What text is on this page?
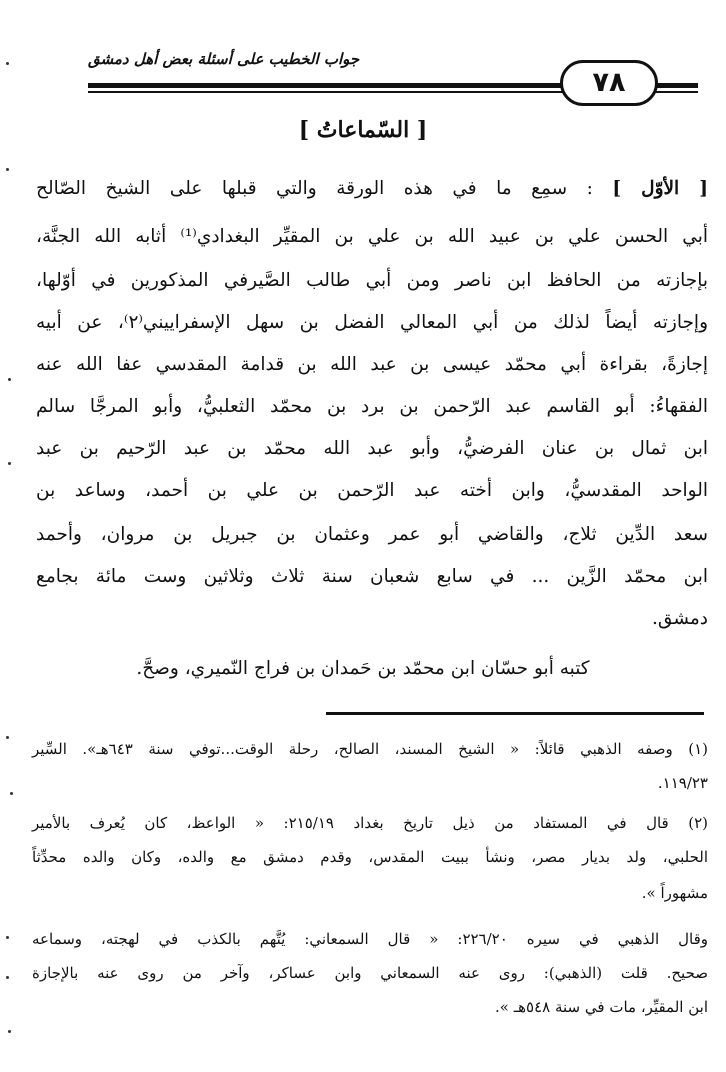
جواب الخطيب على أسئلة بعض أهل دمشق
٧٨
[ السّماعاتُ ]
[ الأوّل ] : سمِع ما في هذه الورقة والتي قبلها على الشيخ الصّالح
أبي الحسن علي بن عبيد الله بن علي بن المقيِّر البغدادي⁽¹⁾ أثابه الله الجنَّة،
بإجازته من الحافظ ابن ناصر ومن أبي طالب الصَّيرفي المذكورين في أوّلها،
وإجازته أيضاً لذلك من أبي المعالي الفضل بن سهل الإسفراييني⁽٢⁾، عن أبيه
إجازةً، بقراءة أبي محمّد عيسى بن عبد الله بن قدامة المقدسي عفا الله عنه
الفقهاءُ: أبو القاسم عبد الرّحمن بن برد بن محمّد الثعلبيُّ، وأبو المرجَّا سالم
ابن ثمال بن عنان الفرضيُّ، وأبو عبد الله محمّد بن عبد الرّحيم بن عبد
الواحد المقدسيُّ، وابن أخته عبد الرّحمن بن علي بن أحمد، وساعد بن
سعد الدِّين ثلاج، والقاضي أبو عمر وعثمان بن جبريل بن مروان، وأحمد
ابن محمّد الزَّين ... في سابع شعبان سنة ثلاث وثلاثين وست مائة بجامع
دمشق.
كتبه أبو حسّان ابن محمّد بن حَمدان بن فراج النّميري، وصحَّ.
(١) وصفه الذهبي قائلاً: « الشيخ المسند، الصالح، رحلة الوقت...توفي سنة ٦٤٣هـ». السِّير
١١٩/٢٣.
(٢) قال في المستفاد من ذيل تاريخ بغداد ٢١٥/١٩: « الواعظ، كان يُعرف بالأمير
الحلبي، ولد بديار مصر، ونشأ ببيت المقدس، وقدم دمشق مع والده، وكان والده محدِّثاً
مشهوراً ».
وقال الذهبي في سيره ٢٢٦/٢٠: « قال السمعاني: يُتَّهم بالكذب في لهجته، وسماعه
صحيح. قلت (الذهبي): روى عنه السمعاني وابن عساكر، وآخر من روى عنه بالإجازة
ابن المقيِّر، مات في سنة ٥٤٨هـ ».
